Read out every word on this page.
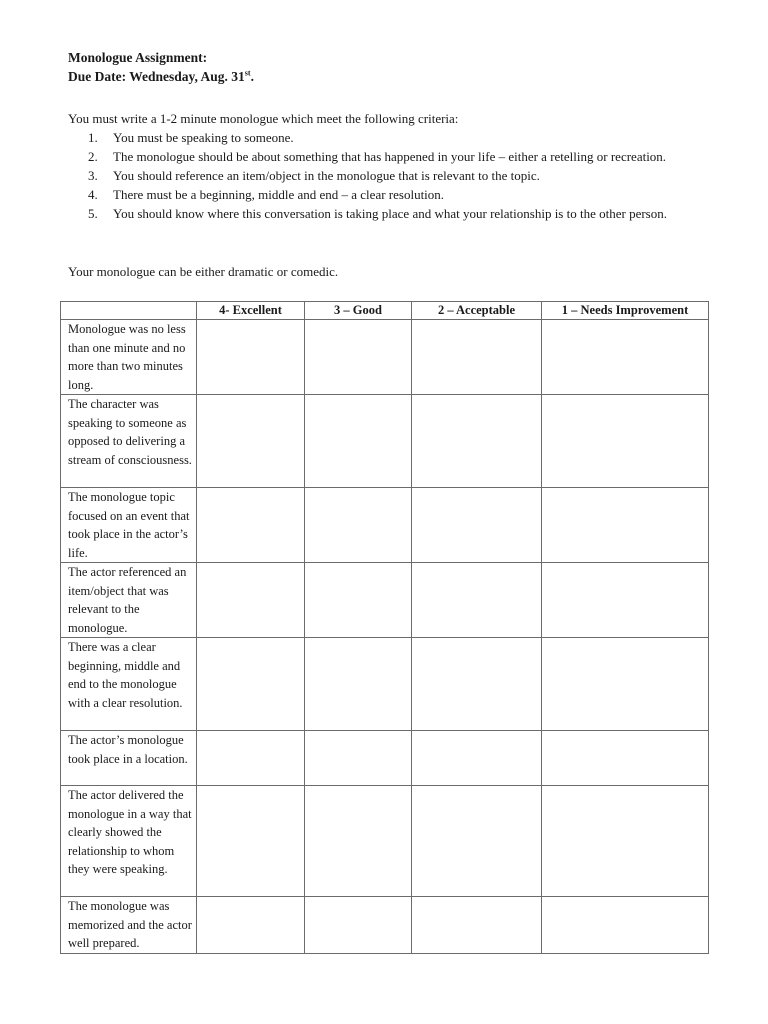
Monologue Assignment:
Due Date: Wednesday, Aug. 31st.
You must write a 1-2 minute monologue which meet the following criteria:
1. You must be speaking to someone.
2. The monologue should be about something that has happened in your life – either a retelling or recreation.
3. You should reference an item/object in the monologue that is relevant to the topic.
4. There must be a beginning, middle and end – a clear resolution.
5. You should know where this conversation is taking place and what your relationship is to the other person.
Your monologue can be either dramatic or comedic.
	4- Excellent	3 – Good	2 – Acceptable	1 – Needs Improvement
Monologue was no less than one minute and no more than two minutes long.				
The character was speaking to someone as opposed to delivering a stream of consciousness.				
The monologue topic focused on an event that took place in the actor’s life.				
The actor referenced an item/object that was relevant to the monologue.				
There was a clear beginning, middle and end to the monologue with a clear resolution.				
The actor’s monologue took place in a location.				
The actor delivered the monologue in a way that clearly showed the relationship to whom they were speaking.				
The monologue was memorized and the actor well prepared.				
